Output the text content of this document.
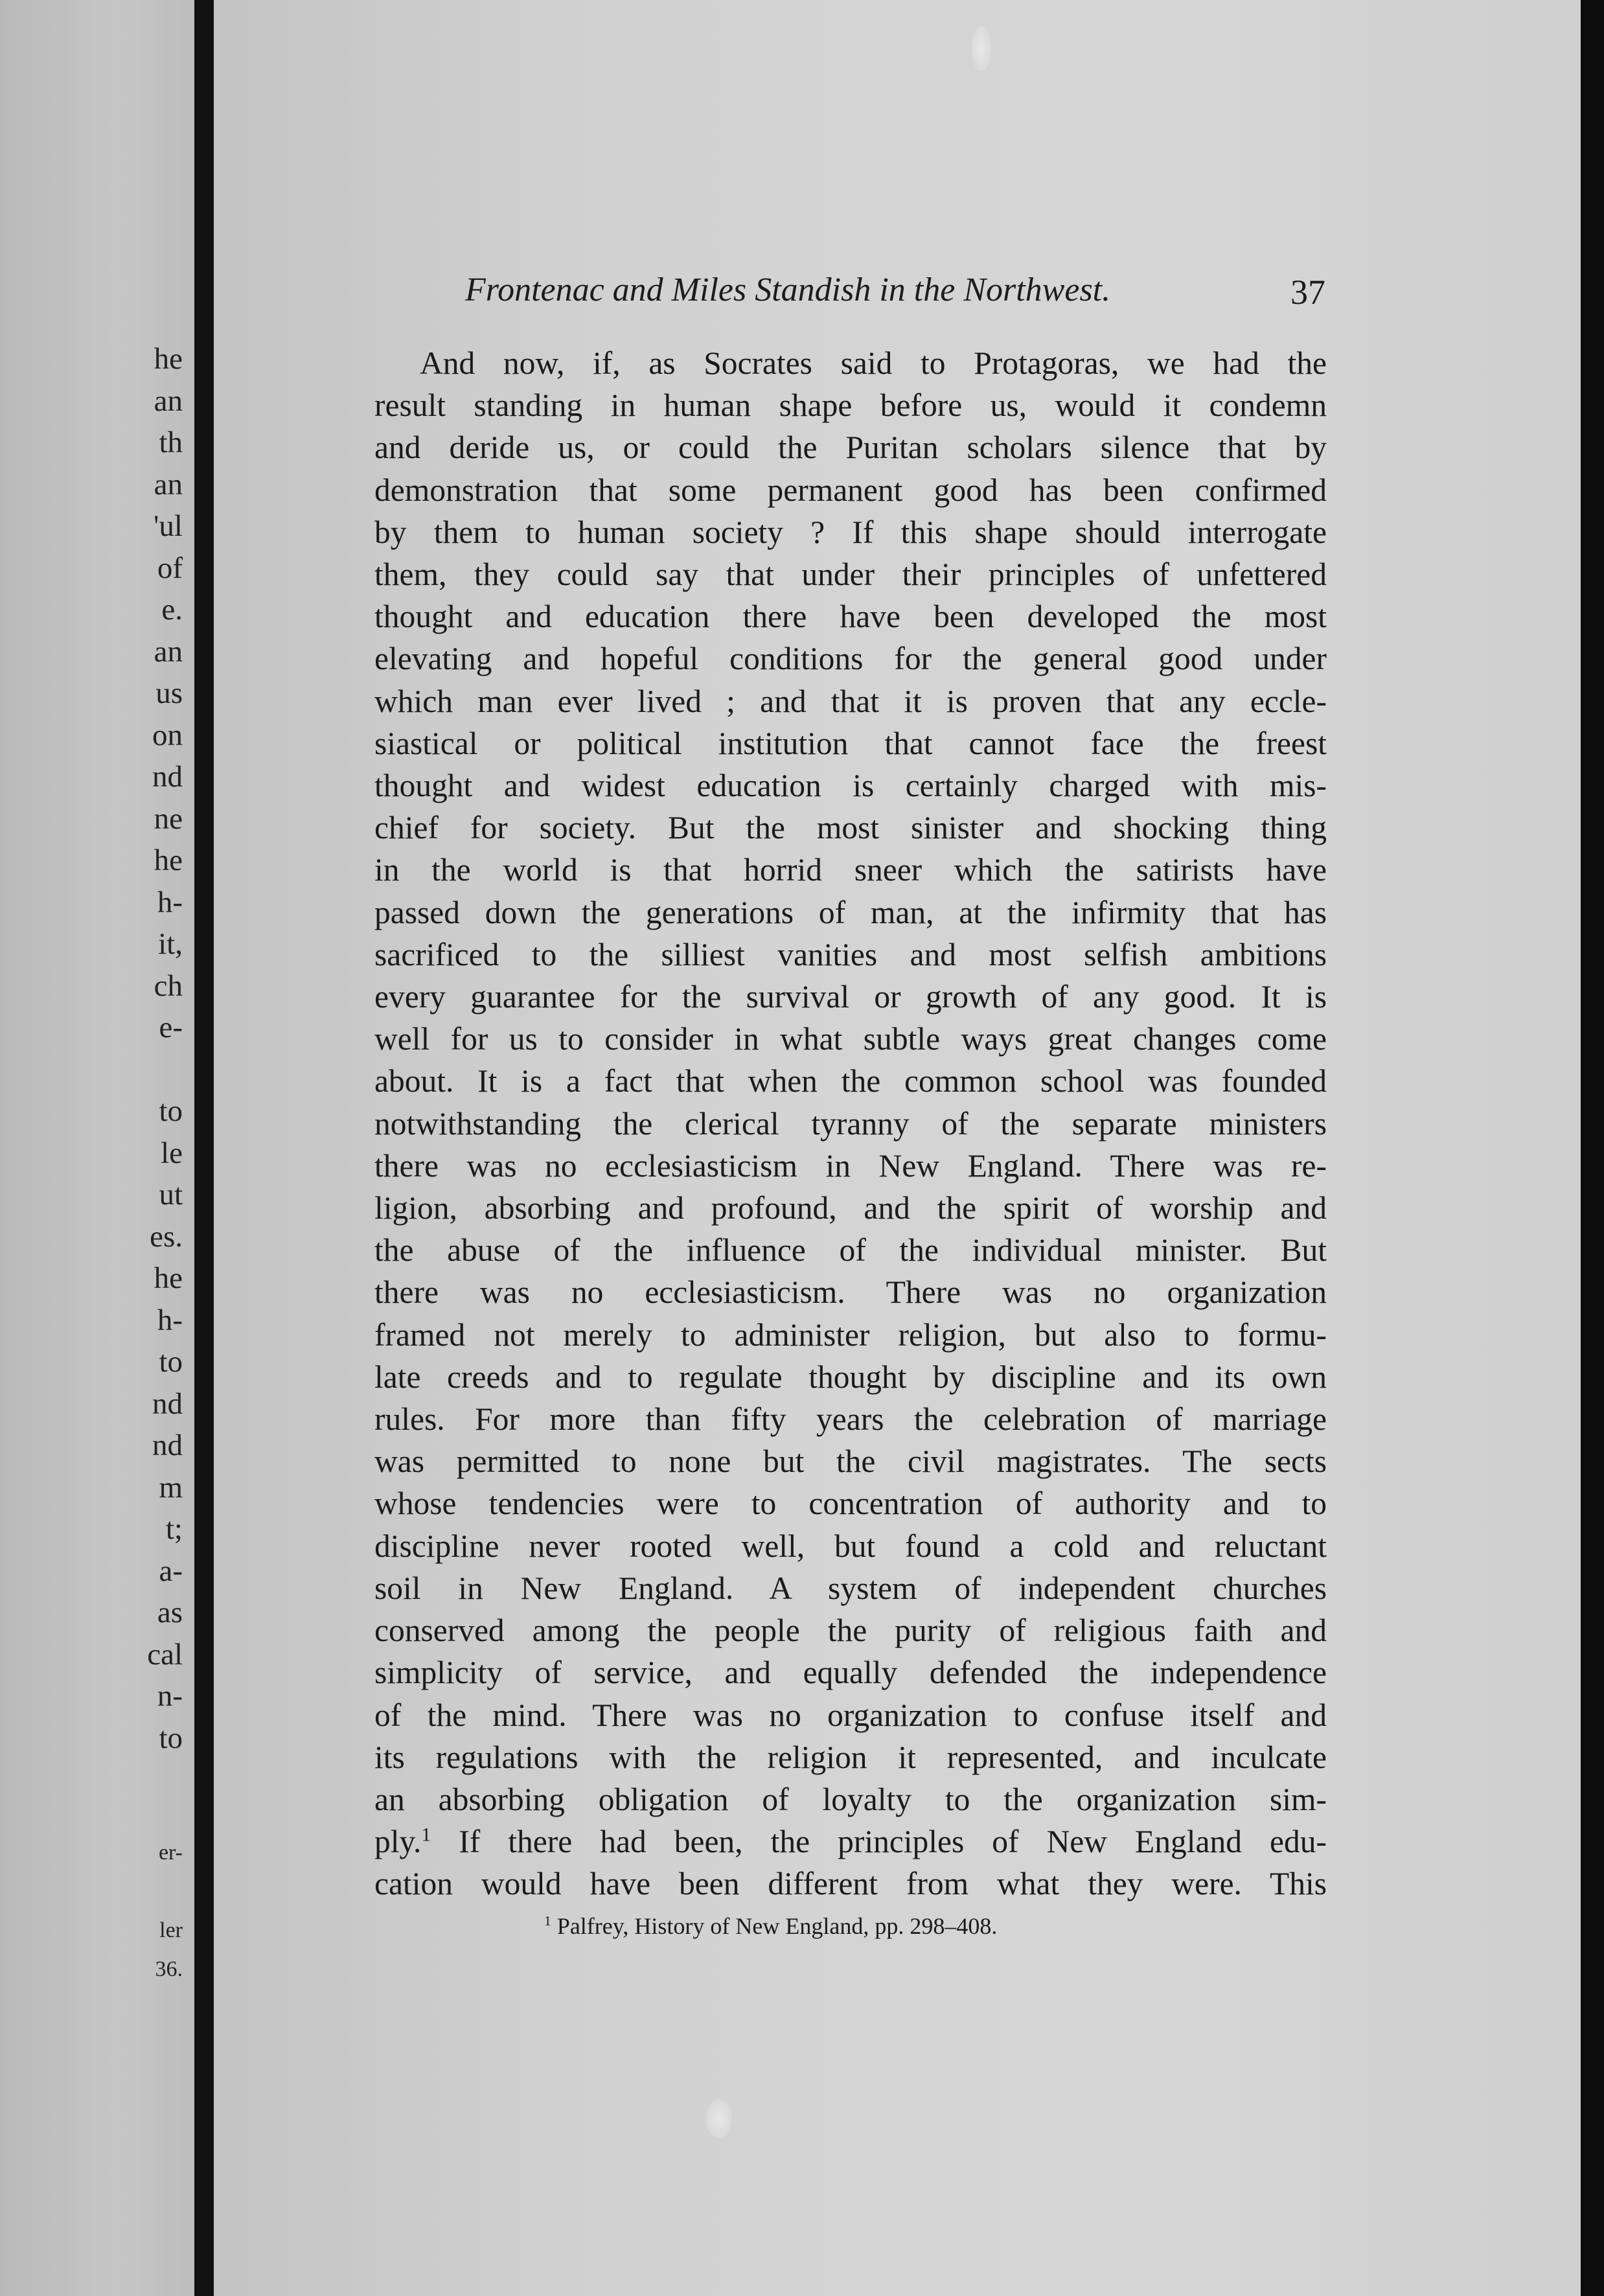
he
an
th
an
'ul
of
e.
an
us
on
nd
ne
he
h-
it,
ch
e-
to
le
ut
es.
he
h-
to
nd
nd
m
t;
a-
as
cal
n-
to
er-
ler
36.
Frontenac and Miles Standish in the Northwest.	37
And now, if, as Socrates said to Protagoras, we had the
result standing in human shape before us, would it condemn
and deride us, or could the Puritan scholars silence that by
demonstration that some permanent good has been confirmed
by them to human society ? If this shape should interrogate
them, they could say that under their principles of unfettered
thought and education there have been developed the most
elevating and hopeful conditions for the general good under
which man ever lived ; and that it is proven that any eccle-
siastical or political institution that cannot face the freest
thought and widest education is certainly charged with mis-
chief for society. But the most sinister and shocking thing
in the world is that horrid sneer which the satirists have
passed down the generations of man, at the infirmity that has
sacrificed to the silliest vanities and most selfish ambitions
every guarantee for the survival or growth of any good. It is
well for us to consider in what subtle ways great changes come
about. It is a fact that when the common school was founded
notwithstanding the clerical tyranny of the separate ministers
there was no ecclesiasticism in New England. There was re-
ligion, absorbing and profound, and the spirit of worship and
the abuse of the influence of the individual minister. But
there was no ecclesiasticism. There was no organization
framed not merely to administer religion, but also to formu-
late creeds and to regulate thought by discipline and its own
rules. For more than fifty years the celebration of marriage
was permitted to none but the civil magistrates. The sects
whose tendencies were to concentration of authority and to
discipline never rooted well, but found a cold and reluctant
soil in New England. A system of independent churches
conserved among the people the purity of religious faith and
simplicity of service, and equally defended the independence
of the mind. There was no organization to confuse itself and
its regulations with the religion it represented, and inculcate
an absorbing obligation of loyalty to the organization sim-
ply.$^1$ If there had been, the principles of New England edu-
cation would have been different from what they were. This
$^1$ Palfrey, History of New England, pp. 298–408.
